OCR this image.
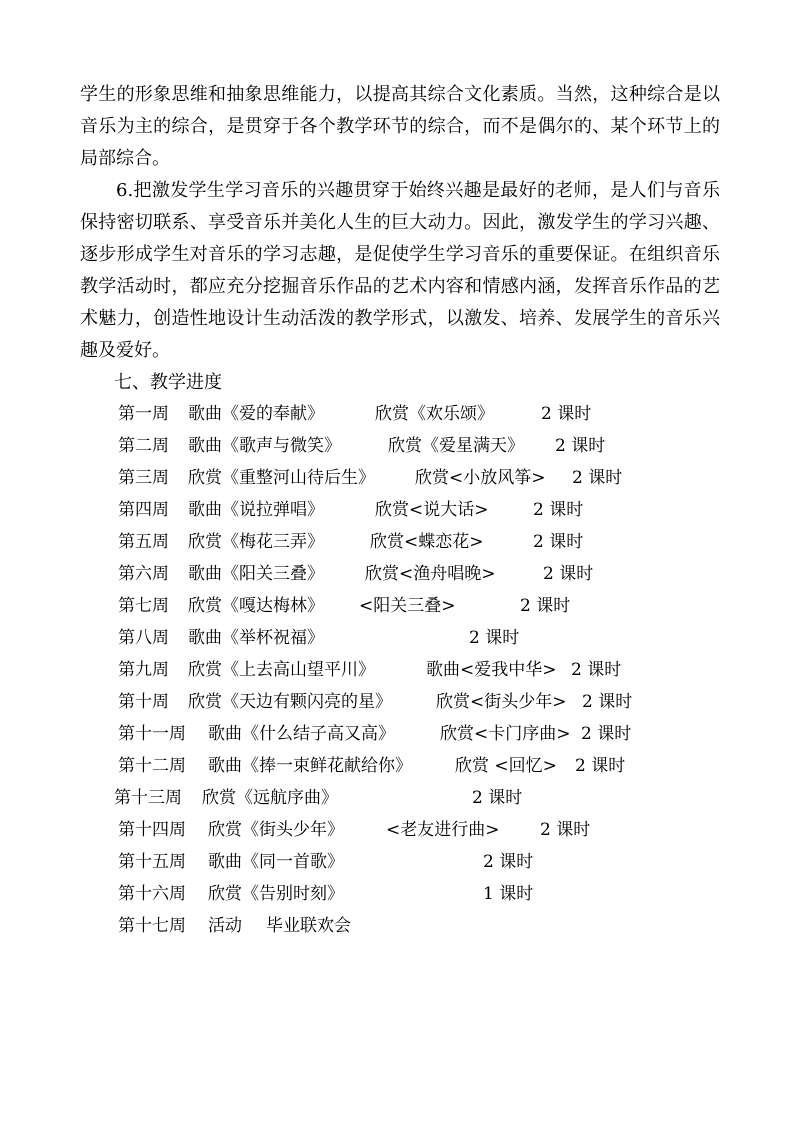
学生的形象思维和抽象思维能力，以提高其综合文化素质。当然，这种综合是以音乐为主的综合，是贯穿于各个教学环节的综合，而不是偶尔的、某个环节上的局部综合。

6.把激发学生学习音乐的兴趣贯穿于始终兴趣是最好的老师，是人们与音乐保持密切联系、享受音乐并美化人生的巨大动力。因此，激发学生的学习兴趣、逐步形成学生对音乐的学习志趣，是促使学生学习音乐的重要保证。在组织音乐教学活动时，都应充分挖掘音乐作品的艺术内容和情感内涵，发挥音乐作品的艺术魅力，创造性地设计生动活泼的教学形式，以激发、培养、发展学生的音乐兴趣及爱好。

七、教学进度

第一周 歌曲《爱的奉献》	欣赏《欢乐颂》	2 课时
第二周 歌曲《歌声与微笑》	欣赏《爱星满天》 2 课时
第三周 欣赏《重整河山待后生》 欣赏<小放风筝> 2 课时
第四周 歌曲《说拉弹唱》	欣赏<说大话>	2 课时
第五周 欣赏《梅花三弄》	欣赏<蝶恋花>	2 课时
第六周 歌曲《阳关三叠》 欣赏<渔舟唱晚>	2 课时
第七周 欣赏《嘎达梅林》 <阳关三叠>	2 课时
第八周 歌曲《举杯祝福》	2 课时
第九周 欣赏《上去高山望平川》	歌曲<爱我中华> 2 课时
第十周 欣赏《天边有颗闪亮的星》	欣赏<街头少年> 2 课时
第十一周 歌曲《什么结子高又高》	欣赏<卡门序曲> 2 课时
第十二周 歌曲《捧一束鲜花献给你》	欣赏 <回忆> 2 课时
第十三周 欣赏《远航序曲》	2 课时
第十四周 欣赏《街头少年》 <老友进行曲> 2 课时
第十五周 歌曲《同一首歌》	2 课时
第十六周 欣赏《告别时刻》	1 课时
第十七周 活动 毕业联欢会
